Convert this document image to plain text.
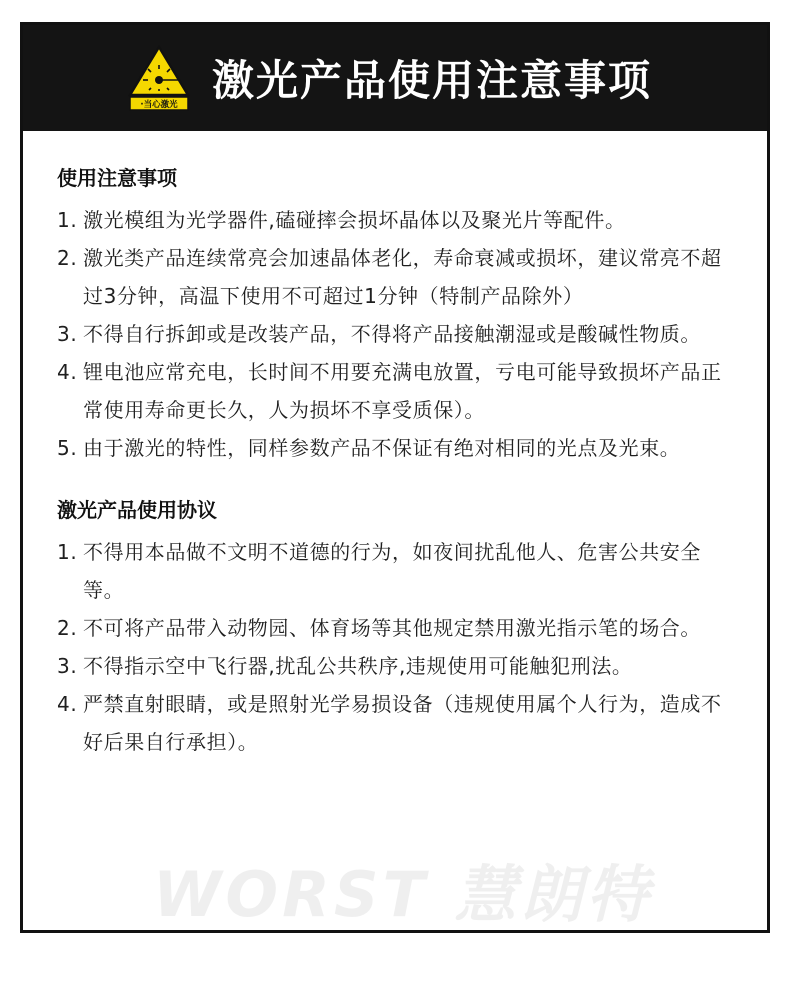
·当心激光 激光产品使用注意事项
使用注意事项
1. 激光模组为光学器件,磕碰摔会损坏晶体以及聚光片等配件。
2. 激光类产品连续常亮会加速晶体老化，寿命衰减或损坏，建议常亮不超过3分钟，高温下使用不可超过1分钟（特制产品除外）
3. 不得自行拆卸或是改装产品，不得将产品接触潮湿或是酸碱性物质。
4. 锂电池应常充电，长时间不用要充满电放置，亏电可能导致损坏产品正常使用寿命更长久，人为损坏不享受质保）。
5. 由于激光的特性，同样参数产品不保证有绝对相同的光点及光束。
激光产品使用协议
1. 不得用本品做不文明不道德的行为，如夜间扰乱他人、危害公共安全等。
2. 不可将产品带入动物园、体育场等其他规定禁用激光指示笔的场合。
3. 不得指示空中飞行器,扰乱公共秩序,违规使用可能触犯刑法。
4. 严禁直射眼睛，或是照射光学易损设备（违规使用属个人行为，造成不好后果自行承担）。
WORST 慧朗特
